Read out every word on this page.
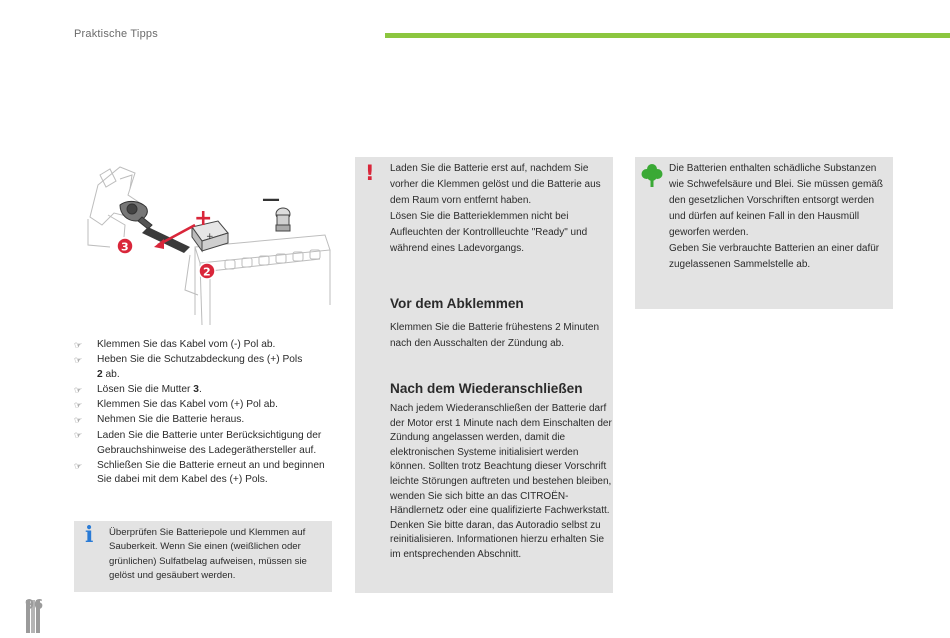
Praktische Tipps
+
+
—
3
2
☞ Klemmen Sie das Kabel vom (-) Pol ab.
☞ Heben Sie die Schutzabdeckung des (+) Pols
2 ab.
☞ Lösen Sie die Mutter 3.
☞ Klemmen Sie das Kabel vom (+) Pol ab.
☞ Nehmen Sie die Batterie heraus.
☞ Laden Sie die Batterie unter Berücksichtigung der Gebrauchshinweise des Ladegeräthersteller auf.
☞ Schließen Sie die Batterie erneut an und beginnen Sie dabei mit dem Kabel des (+) Pols.
i Überprüfen Sie Batteriepole und Klemmen auf Sauberkeit. Wenn Sie einen (weißlichen oder grünlichen) Sulfatbelag aufweisen, müssen sie gelöst und gesäubert werden.
! Laden Sie die Batterie erst auf, nachdem Sie vorher die Klemmen gelöst und die Batterie aus dem Raum vorn entfernt haben.
Lösen Sie die Batterieklemmen nicht bei Aufleuchten der Kontrollleuchte "Ready" und während eines Ladevorgangs.
Vor dem Abklemmen
Klemmen Sie die Batterie frühestens 2 Minuten nach den Ausschalten der Zündung ab.
Nach dem Wiederanschließen
Nach jedem Wiederanschließen der Batterie darf der Motor erst 1 Minute nach dem Einschalten der Zündung angelassen werden, damit die elektronischen Systeme initialisiert werden können. Sollten trotz Beachtung dieser Vorschrift leichte Störungen auftreten und bestehen bleiben, wenden Sie sich bitte an das CITROËN-Händlernetz oder eine qualifizierte Fachwerkstatt.
Denken Sie bitte daran, das Autoradio selbst zu reinitialisieren. Informationen hierzu erhalten Sie im entsprechenden Abschnitt.
Die Batterien enthalten schädliche Substanzen wie Schwefelsäure und Blei. Sie müssen gemäß den gesetzlichen Vorschriften entsorgt werden und dürfen auf keinen Fall in den Hausmüll geworfen werden.
Geben Sie verbrauchte Batterien an einer dafür zugelassenen Sammelstelle ab.
96
